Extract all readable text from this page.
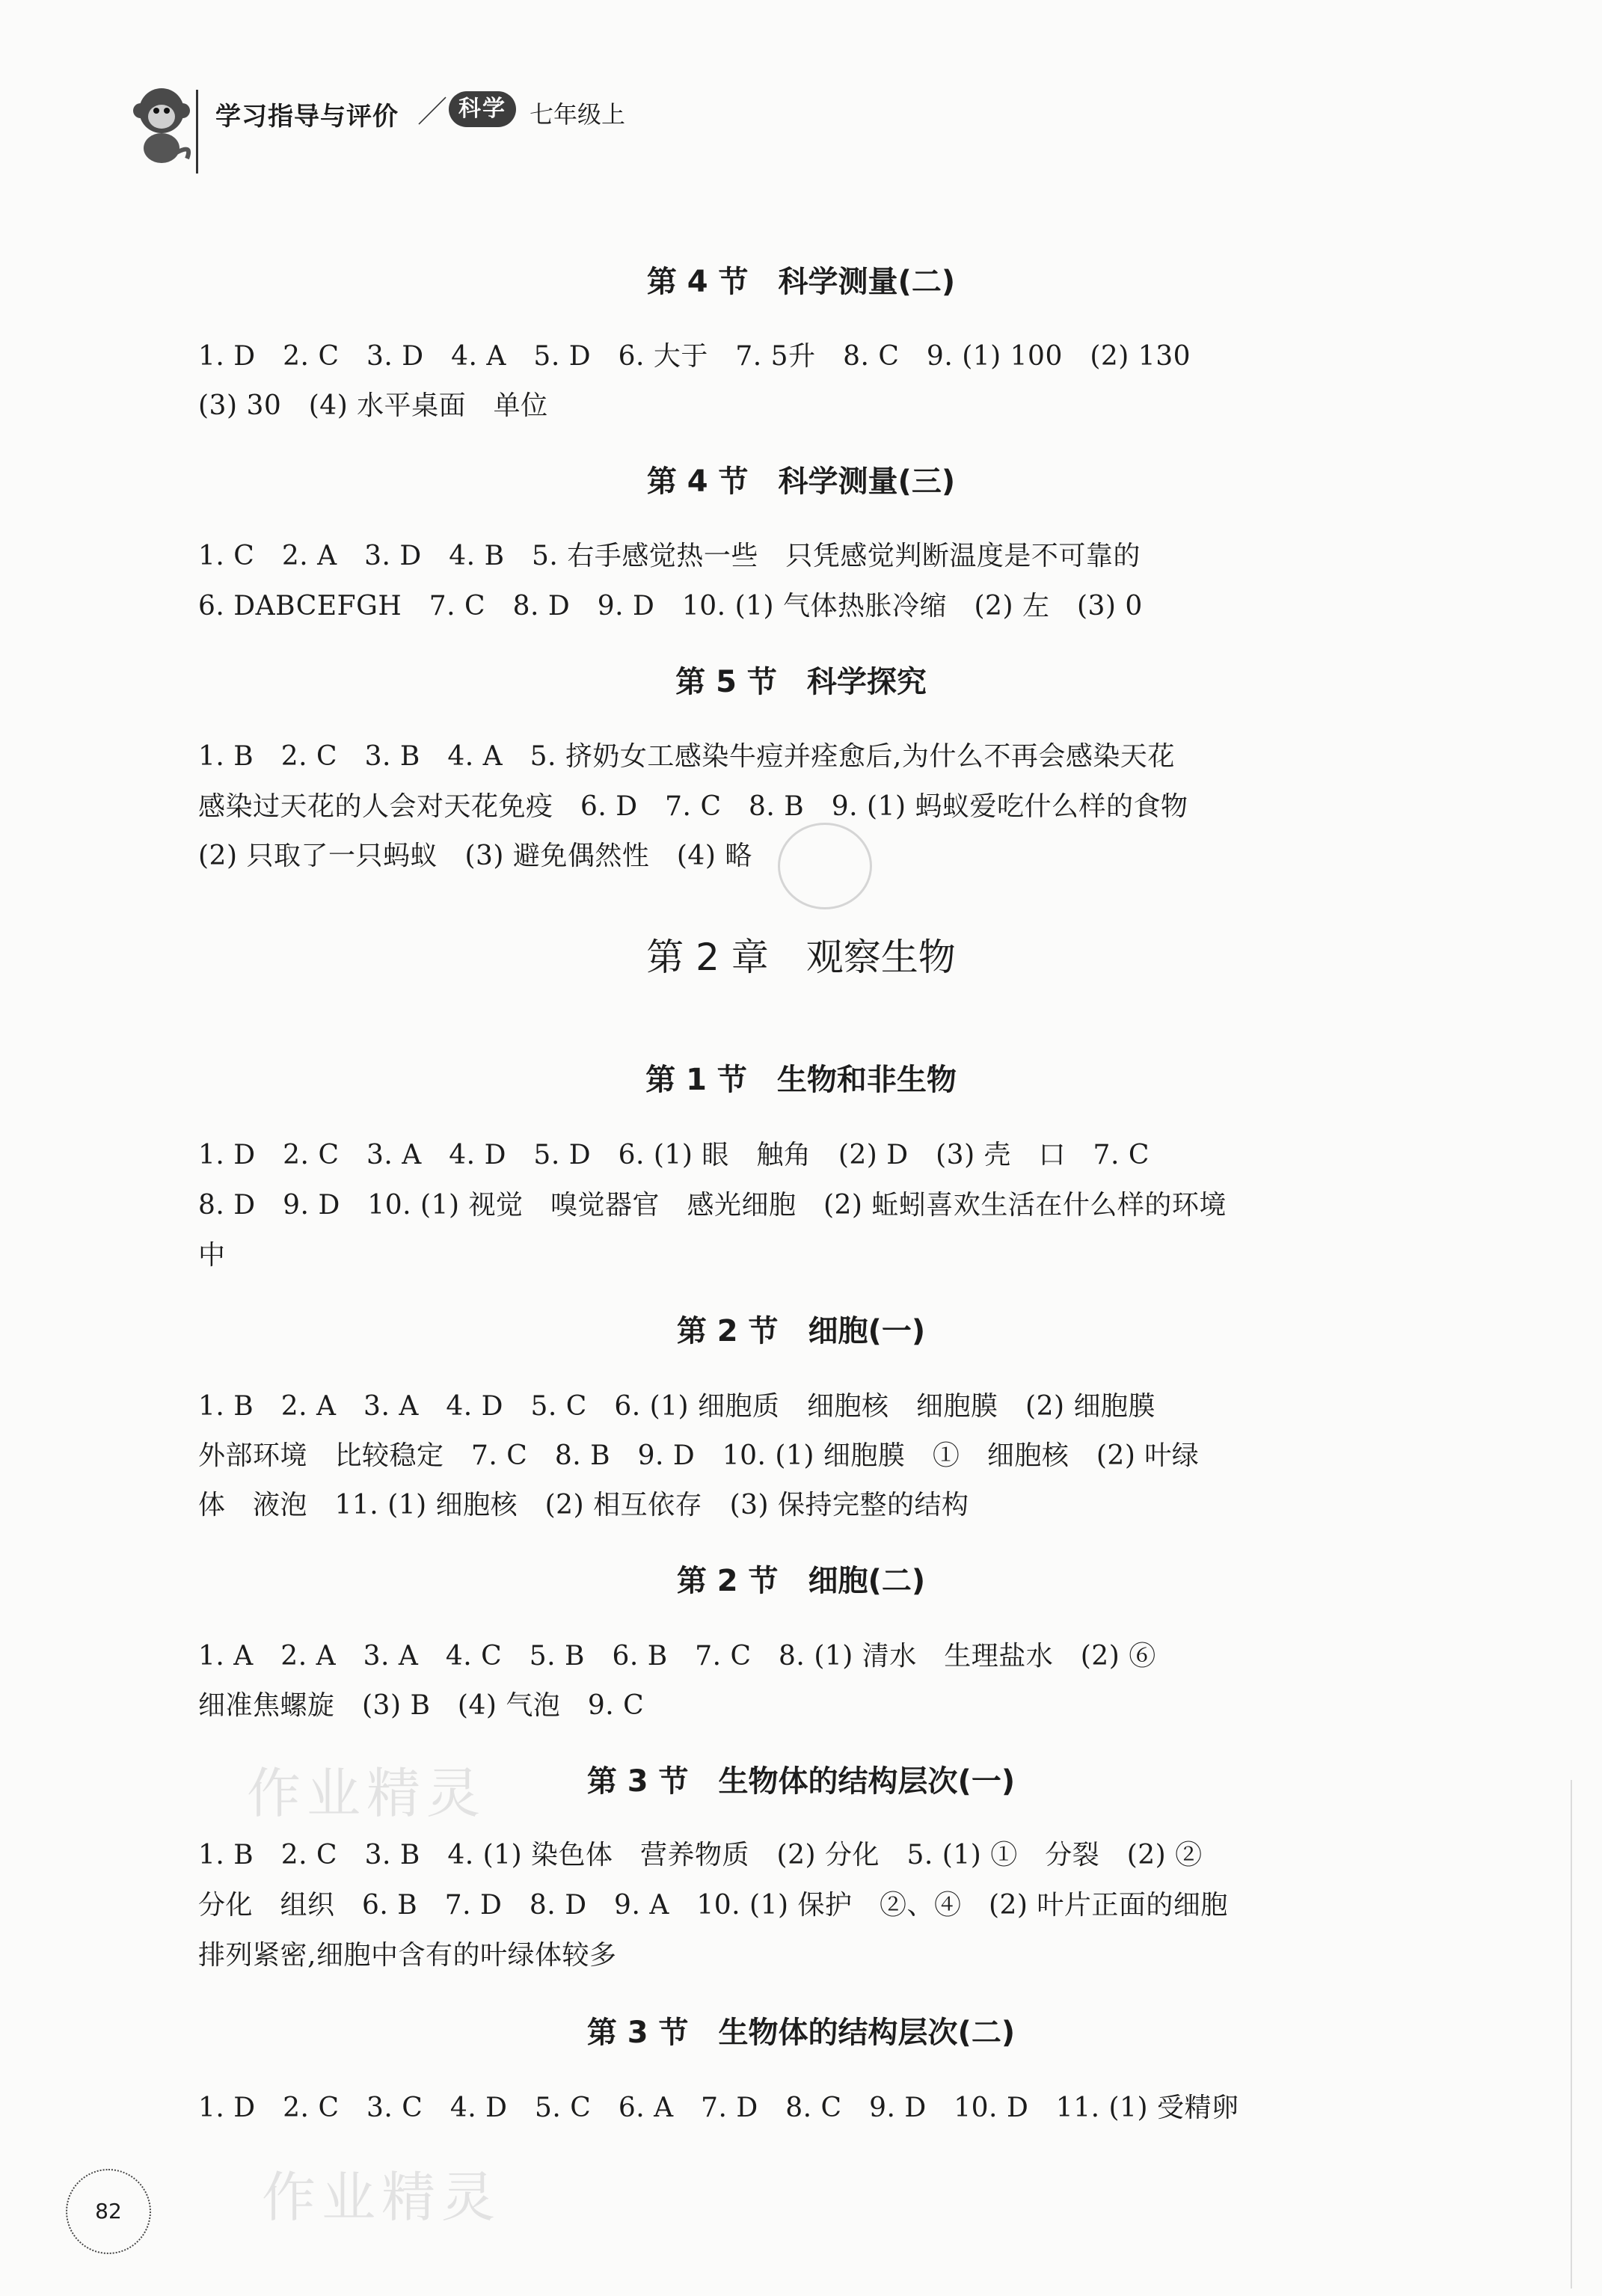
学习指导与评价 ／ 科学 七年级上
第 4 节　科学测量(二)
1. D　2. C　3. D　4. A　5. D　6. 大于　7. 5升　8. C　9. (1) 100　(2) 130
(3) 30　(4) 水平桌面　单位
第 4 节　科学测量(三)
1. C　2. A　3. D　4. B　5. 右手感觉热一些　只凭感觉判断温度是不可靠的
6. DABCEFGH　7. C　8. D　9. D　10. (1) 气体热胀冷缩　(2) 左　(3) 0
第 5 节　科学探究
1. B　2. C　3. B　4. A　5. 挤奶女工感染牛痘并痊愈后,为什么不再会感染天花
感染过天花的人会对天花免疫　6. D　7. C　8. B　9. (1) 蚂蚁爱吃什么样的食物
(2) 只取了一只蚂蚁　(3) 避免偶然性　(4) 略
第 2 章　观察生物
第 1 节　生物和非生物
1. D　2. C　3. A　4. D　5. D　6. (1) 眼　触角　(2) D　(3) 壳　口　7. C
8. D　9. D　10. (1) 视觉　嗅觉器官　感光细胞　(2) 蚯蚓喜欢生活在什么样的环境
中
第 2 节　细胞(一)
1. B　2. A　3. A　4. D　5. C　6. (1) 细胞质　细胞核　细胞膜　(2) 细胞膜
外部环境　比较稳定　7. C　8. B　9. D　10. (1) 细胞膜　①　细胞核　(2) 叶绿
体　液泡　11. (1) 细胞核　(2) 相互依存　(3) 保持完整的结构
第 2 节　细胞(二)
1. A　2. A　3. A　4. C　5. B　6. B　7. C　8. (1) 清水　生理盐水　(2) ⑥
细准焦螺旋　(3) B　(4) 气泡　9. C
第 3 节　生物体的结构层次(一)
1. B　2. C　3. B　4. (1) 染色体　营养物质　(2) 分化　5. (1) ①　分裂　(2) ②
分化　组织　6. B　7. D　8. D　9. A　10. (1) 保护　②、④　(2) 叶片正面的细胞
排列紧密,细胞中含有的叶绿体较多
第 3 节　生物体的结构层次(二)
1. D　2. C　3. C　4. D　5. C　6. A　7. D　8. C　9. D　10. D　11. (1) 受精卵
作业精灵
作业精灵
82
